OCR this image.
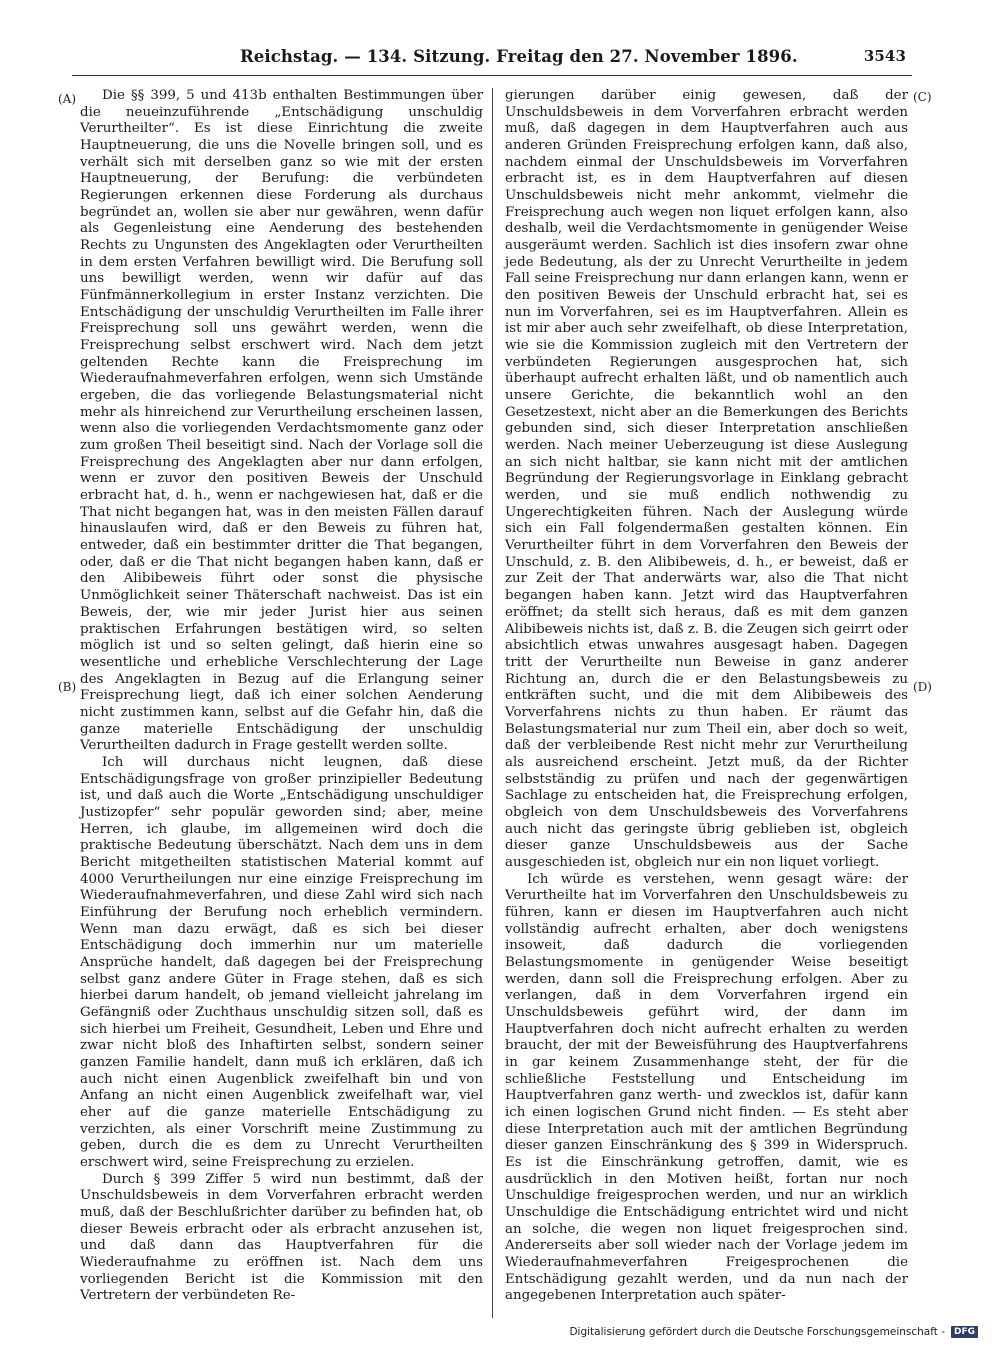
Reichstag. — 134. Sitzung. Freitag den 27. November 1896.	3543
(A)
(B)
(C)
(D)

Die §§ 399, 5 und 413b enthalten Bestimmungen über die neueinzuführende „Entschädigung unschuldig Verurtheilter“. Es ist diese Einrichtung die zweite Hauptneuerung, die uns die Novelle bringen soll, und es verhält sich mit derselben ganz so wie mit der ersten Hauptneuerung, der Berufung: die verbündeten Regierungen erkennen diese Forderung als durchaus begründet an, wollen sie aber nur gewähren, wenn dafür als Gegenleistung eine Aenderung des bestehenden Rechts zu Ungunsten des Angeklagten oder Verurtheilten in dem ersten Verfahren bewilligt wird. Die Berufung soll uns bewilligt werden, wenn wir dafür auf das Fünfmännerkollegium in erster Instanz verzichten. Die Entschädigung der unschuldig Verurtheilten im Falle ihrer Freisprechung soll uns gewährt werden, wenn die Freisprechung selbst erschwert wird. Nach dem jetzt geltenden Rechte kann die Freisprechung im Wiederaufnahmeverfahren erfolgen, wenn sich Umstände ergeben, die das vorliegende Belastungsmaterial nicht mehr als hinreichend zur Verurtheilung erscheinen lassen, wenn also die vorliegenden Verdachtsmomente ganz oder zum großen Theil beseitigt sind. Nach der Vorlage soll die Freisprechung des Angeklagten aber nur dann erfolgen, wenn er zuvor den positiven Beweis der Unschuld erbracht hat, d. h., wenn er nachgewiesen hat, daß er die That nicht begangen hat, was in den meisten Fällen darauf hinauslaufen wird, daß er den Beweis zu führen hat, entweder, daß ein bestimmter dritter die That begangen, oder, daß er die That nicht begangen haben kann, daß er den Alibibeweis führt oder sonst die physische Unmöglichkeit seiner Thäterschaft nachweist. Das ist ein Beweis, der, wie mir jeder Jurist hier aus seinen praktischen Erfahrungen bestätigen wird, so selten möglich ist und so selten gelingt, daß hierin eine so wesentliche und erhebliche Verschlechterung der Lage des Angeklagten in Bezug auf die Erlangung seiner Freisprechung liegt, daß ich einer solchen Aenderung nicht zustimmen kann, selbst auf die Gefahr hin, daß die ganze materielle Entschädigung der unschuldig Verurtheilten dadurch in Frage gestellt werden sollte.

Ich will durchaus nicht leugnen, daß diese Entschädigungsfrage von großer prinzipieller Bedeutung ist, und daß auch die Worte „Entschädigung unschuldiger Justizopfer“ sehr populär geworden sind; aber, meine Herren, ich glaube, im allgemeinen wird doch die praktische Bedeutung überschätzt. Nach dem uns in dem Bericht mitgetheilten statistischen Material kommt auf 4000 Verurtheilungen nur eine einzige Freisprechung im Wiederaufnahmeverfahren, und diese Zahl wird sich nach Einführung der Berufung noch erheblich vermindern. Wenn man dazu erwägt, daß es sich bei dieser Entschädigung doch immerhin nur um materielle Ansprüche handelt, daß dagegen bei der Freisprechung selbst ganz andere Güter in Frage stehen, daß es sich hierbei darum handelt, ob jemand vielleicht jahrelang im Gefängniß oder Zuchthaus unschuldig sitzen soll, daß es sich hierbei um Freiheit, Gesundheit, Leben und Ehre und zwar nicht bloß des Inhaftirten selbst, sondern seiner ganzen Familie handelt, dann muß ich erklären, daß ich auch nicht einen Augenblick zweifelhaft bin und von Anfang an nicht einen Augenblick zweifelhaft war, viel eher auf die ganze materielle Entschädigung zu verzichten, als einer Vorschrift meine Zustimmung zu geben, durch die es dem zu Unrecht Verurtheilten erschwert wird, seine Freisprechung zu erzielen.

Durch § 399 Ziffer 5 wird nun bestimmt, daß der Unschuldsbeweis in dem Vorverfahren erbracht werden muß, daß der Beschlußrichter darüber zu befinden hat, ob dieser Beweis erbracht oder als erbracht anzusehen ist, und daß dann das Hauptverfahren für die Wiederaufnahme zu eröffnen ist. Nach dem uns vorliegenden Bericht ist die Kommission mit den Vertretern der verbündeten Re-

gierungen darüber einig gewesen, daß der Unschuldsbeweis in dem Vorverfahren erbracht werden muß, daß dagegen in dem Hauptverfahren auch aus anderen Gründen Freisprechung erfolgen kann, daß also, nachdem einmal der Unschuldsbeweis im Vorverfahren erbracht ist, es in dem Hauptverfahren auf diesen Unschuldsbeweis nicht mehr ankommt, vielmehr die Freisprechung auch wegen non liquet erfolgen kann, also deshalb, weil die Verdachtsmomente in genügender Weise ausgeräumt werden. Sachlich ist dies insofern zwar ohne jede Bedeutung, als der zu Unrecht Verurtheilte in jedem Fall seine Freisprechung nur dann erlangen kann, wenn er den positiven Beweis der Unschuld erbracht hat, sei es nun im Vorverfahren, sei es im Hauptverfahren. Allein es ist mir aber auch sehr zweifelhaft, ob diese Interpretation, wie sie die Kommission zugleich mit den Vertretern der verbündeten Regierungen ausgesprochen hat, sich überhaupt aufrecht erhalten läßt, und ob namentlich auch unsere Gerichte, die bekanntlich wohl an den Gesetzestext, nicht aber an die Bemerkungen des Berichts gebunden sind, sich dieser Interpretation anschließen werden. Nach meiner Ueberzeugung ist diese Auslegung an sich nicht haltbar, sie kann nicht mit der amtlichen Begründung der Regierungsvorlage in Einklang gebracht werden, und sie muß endlich nothwendig zu Ungerechtigkeiten führen. Nach der Auslegung würde sich ein Fall folgendermaßen gestalten können. Ein Verurtheilter führt in dem Vorverfahren den Beweis der Unschuld, z. B. den Alibibeweis, d. h., er beweist, daß er zur Zeit der That anderwärts war, also die That nicht begangen haben kann. Jetzt wird das Hauptverfahren eröffnet; da stellt sich heraus, daß es mit dem ganzen Alibibeweis nichts ist, daß z. B. die Zeugen sich geirrt oder absichtlich etwas unwahres ausgesagt haben. Dagegen tritt der Verurtheilte nun Beweise in ganz anderer Richtung an, durch die er den Belastungsbeweis zu entkräften sucht, und die mit dem Alibibeweis des Vorverfahrens nichts zu thun haben. Er räumt das Belastungsmaterial nur zum Theil ein, aber doch so weit, daß der verbleibende Rest nicht mehr zur Verurtheilung als ausreichend erscheint. Jetzt muß, da der Richter selbstständig zu prüfen und nach der gegenwärtigen Sachlage zu entscheiden hat, die Freisprechung erfolgen, obgleich von dem Unschuldsbeweis des Vorverfahrens auch nicht das geringste übrig geblieben ist, obgleich dieser ganze Unschuldsbeweis aus der Sache ausgeschieden ist, obgleich nur ein non liquet vorliegt.

Ich würde es verstehen, wenn gesagt wäre: der Verurtheilte hat im Vorverfahren den Unschuldsbeweis zu führen, kann er diesen im Hauptverfahren auch nicht vollständig aufrecht erhalten, aber doch wenigstens insoweit, daß dadurch die vorliegenden Belastungsmomente in genügender Weise beseitigt werden, dann soll die Freisprechung erfolgen. Aber zu verlangen, daß in dem Vorverfahren irgend ein Unschuldsbeweis geführt wird, der dann im Hauptverfahren doch nicht aufrecht erhalten zu werden braucht, der mit der Beweisführung des Hauptverfahrens in gar keinem Zusammenhange steht, der für die schließliche Feststellung und Entscheidung im Hauptverfahren ganz werth- und zwecklos ist, dafür kann ich einen logischen Grund nicht finden. — Es steht aber diese Interpretation auch mit der amtlichen Begründung dieser ganzen Einschränkung des § 399 in Widerspruch. Es ist die Einschränkung getroffen, damit, wie es ausdrücklich in den Motiven heißt, fortan nur noch Unschuldige freigesprochen werden, und nur an wirklich Unschuldige die Entschädigung entrichtet wird und nicht an solche, die wegen non liquet freigesprochen sind. Andererseits aber soll wieder nach der Vorlage jedem im Wiederaufnahmeverfahren Freigesprochenen die Entschädigung gezahlt werden, und da nun nach der angegebenen Interpretation auch später-

Digitalisierung gefördert durch die Deutsche Forschungsgemeinschaft -	DFG
